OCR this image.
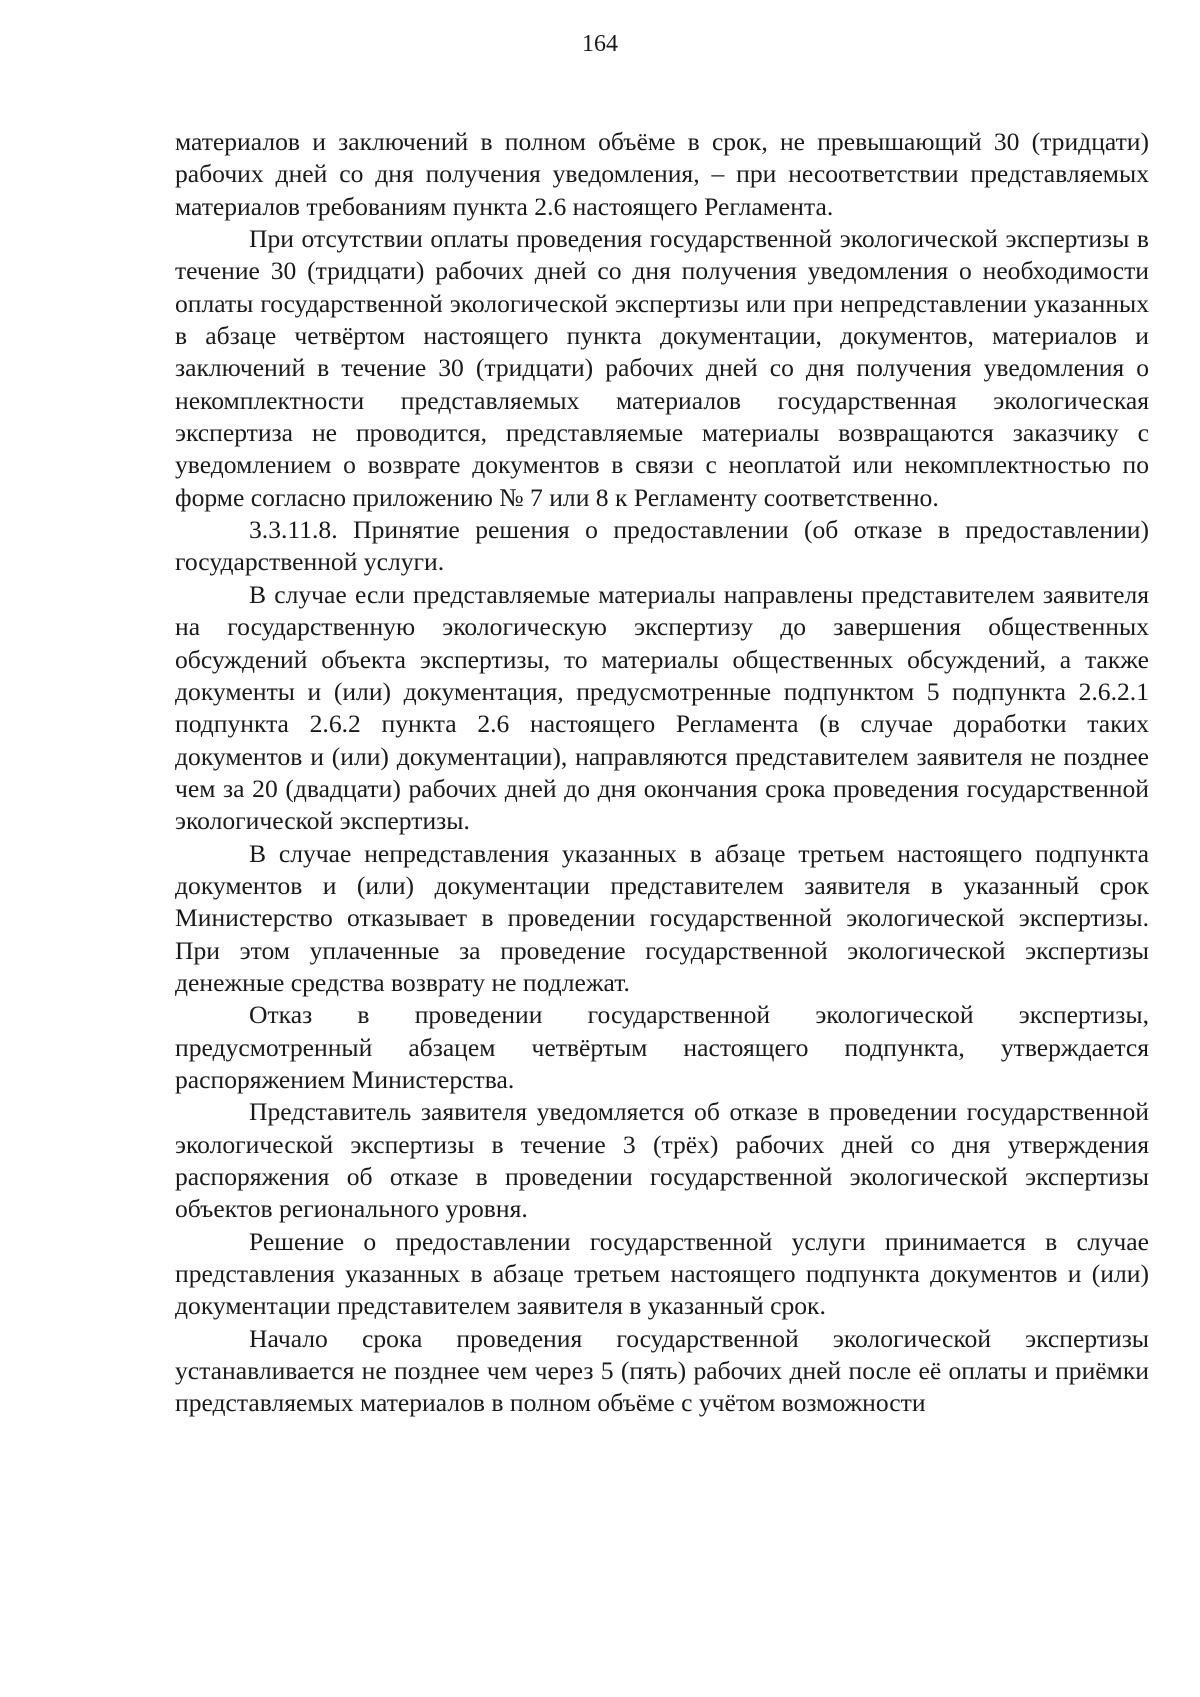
164

материалов и заключений в полном объёме в срок, не превышающий 30 (тридцати) рабочих дней со дня получения уведомления, – при несоответствии представляемых материалов требованиям пункта 2.6 настоящего Регламента.

При отсутствии оплаты проведения государственной экологической экспертизы в течение 30 (тридцати) рабочих дней со дня получения уведомления о необходимости оплаты государственной экологической экспертизы или при непредставлении указанных в абзаце четвёртом настоящего пункта документации, документов, материалов и заключений в течение 30 (тридцати) рабочих дней со дня получения уведомления о некомплектности представляемых материалов государственная экологическая экспертиза не проводится, представляемые материалы возвращаются заказчику с уведомлением о возврате документов в связи с неоплатой или некомплектностью по форме согласно приложению № 7 или 8 к Регламенту соответственно.

3.3.11.8. Принятие решения о предоставлении (об отказе в предоставлении) государственной услуги.

В случае если представляемые материалы направлены представителем заявителя на государственную экологическую экспертизу до завершения общественных обсуждений объекта экспертизы, то материалы общественных обсуждений, а также документы и (или) документация, предусмотренные подпунктом 5 подпункта 2.6.2.1 подпункта 2.6.2 пункта 2.6 настоящего Регламента (в случае доработки таких документов и (или) документации), направляются представителем заявителя не позднее чем за 20 (двадцати) рабочих дней до дня окончания срока проведения государственной экологической экспертизы.

В случае непредставления указанных в абзаце третьем настоящего подпункта документов и (или) документации представителем заявителя в указанный срок Министерство отказывает в проведении государственной экологической экспертизы. При этом уплаченные за проведение государственной экологической экспертизы денежные средства возврату не подлежат.

Отказ в проведении государственной экологической экспертизы, предусмотренный абзацем четвёртым настоящего подпункта, утверждается распоряжением Министерства.

Представитель заявителя уведомляется об отказе в проведении государственной экологической экспертизы в течение 3 (трёх) рабочих дней со дня утверждения распоряжения об отказе в проведении государственной экологической экспертизы объектов регионального уровня.

Решение о предоставлении государственной услуги принимается в случае представления указанных в абзаце третьем настоящего подпункта документов и (или) документации представителем заявителя в указанный срок.

Начало срока проведения государственной экологической экспертизы устанавливается не позднее чем через 5 (пять) рабочих дней после её оплаты и приёмки представляемых материалов в полном объёме с учётом возможности
